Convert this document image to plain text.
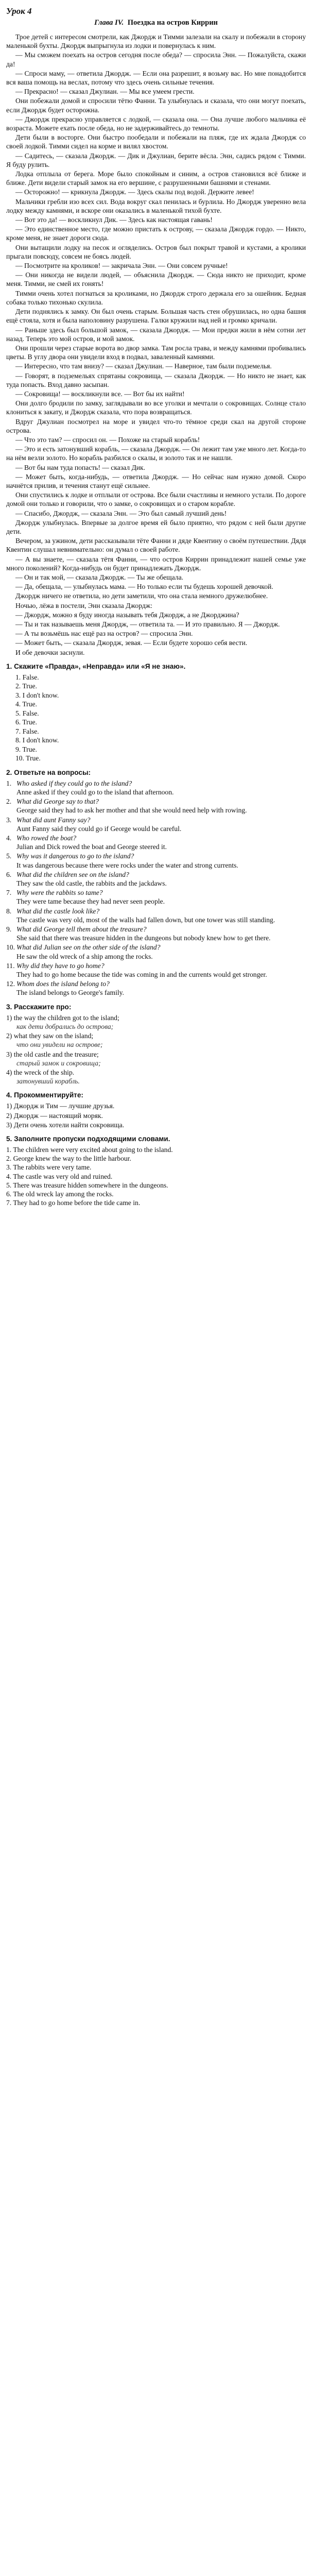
Урок 4
Глава IV. Поездка на остров Киррин

Трое детей с интересом смотрели, как Джордж и Тимми залезали на скалу и побежали в сторону маленькой бухты. Джордж выпрыгнула из лодки и повернулась к ним.

— Мы сможем поехать на остров сегодня после обеда? — спросила Энн. — Пожалуйста, скажи да!

— Спроси маму, — ответила Джордж. — Если она разрешит, я возьму вас. Но мне понадобится вся ваша помощь на веслах, потому что здесь очень сильные течения.

— Прекрасно! — сказал Джулиан. — Мы все умеем грести.

Они побежали домой и спросили тётю Фанни. Та улыбнулась и сказала, что они могут поехать, если Джордж будет осторожна.

— Джордж прекрасно управляется с лодкой, — сказала она. — Она лучше любого мальчика её возраста. Можете ехать после обеда, но не задерживайтесь до темноты.

Дети были в восторге. Они быстро пообедали и побежали на пляж, где их ждала Джордж со своей лодкой. Тимми сидел на корме и вилял хвостом.

— Садитесь, — сказала Джордж. — Дик и Джулиан, берите вёсла. Энн, садись рядом с Тимми. Я буду рулить.

Лодка отплыла от берега. Море было спокойным и синим, а остров становился всё ближе и ближе. Дети видели старый замок на его вершине, с разрушенными башнями и стенами.

— Осторожно! — крикнула Джордж. — Здесь скалы под водой. Держите левее!

Мальчики гребли изо всех сил. Вода вокруг скал пенилась и бурлила. Но Джордж уверенно вела лодку между камнями, и вскоре они оказались в маленькой тихой бухте.

— Вот это да! — воскликнул Дик. — Здесь как настоящая гавань!

— Это единственное место, где можно пристать к острову, — сказала Джордж гордо. — Никто, кроме меня, не знает дороги сюда.

Они вытащили лодку на песок и огляделись. Остров был покрыт травой и кустами, а кролики прыгали повсюду, совсем не боясь людей.

— Посмотрите на кроликов! — закричала Энн. — Они совсем ручные!

— Они никогда не видели людей, — объяснила Джордж. — Сюда никто не приходит, кроме меня. Тимми, не смей их гонять!

Тимми очень хотел погнаться за кроликами, но Джордж строго держала его за ошейник. Бедная собака только тихонько скулила.

Дети поднялись к замку. Он был очень старым. Большая часть стен обрушилась, но одна башня ещё стояла, хотя и была наполовину разрушена. Галки кружили над ней и громко кричали.

— Раньше здесь был большой замок, — сказала Джордж. — Мои предки жили в нём сотни лет назад. Теперь это мой остров, и мой замок.

Они прошли через старые ворота во двор замка. Там росла трава, и между камнями пробивались цветы. В углу двора они увидели вход в подвал, заваленный камнями.

— Интересно, что там внизу? — сказал Джулиан. — Наверное, там были подземелья.

— Говорят, в подземельях спрятаны сокровища, — сказала Джордж. — Но никто не знает, как туда попасть. Вход давно засыпан.

— Сокровища! — воскликнули все. — Вот бы их найти!

Они долго бродили по замку, заглядывали во все уголки и мечтали о сокровищах. Солнце стало клониться к закату, и Джордж сказала, что пора возвращаться.

Вдруг Джулиан посмотрел на море и увидел что-то тёмное среди скал на другой стороне острова.

— Что это там? — спросил он. — Похоже на старый корабль!

— Это и есть затонувший корабль, — сказала Джордж. — Он лежит там уже много лет. Когда-то на нём везли золото. Но корабль разбился о скалы, и золото так и не нашли.

— Вот бы нам туда попасть! — сказал Дик.

— Может быть, когда-нибудь, — ответила Джордж. — Но сейчас нам нужно домой. Скоро начнётся прилив, и течения станут ещё сильнее.

Они спустились к лодке и отплыли от острова. Все были счастливы и немного устали. По дороге домой они только и говорили, что о замке, о сокровищах и о старом корабле.

— Спасибо, Джордж, — сказала Энн. — Это был самый лучший день!

Джордж улыбнулась. Впервые за долгое время ей было приятно, что рядом с ней были другие дети.

Вечером, за ужином, дети рассказывали тёте Фанни и дяде Квентину о своём путешествии. Дядя Квентин слушал невнимательно: он думал о своей работе.

— А вы знаете, — сказала тётя Фанни, — что остров Киррин принадлежит нашей семье уже много поколений? Когда-нибудь он будет принадлежать Джордж.

— Он и так мой, — сказала Джордж. — Ты же обещала.

— Да, обещала, — улыбнулась мама. — Но только если ты будешь хорошей девочкой.

Джордж ничего не ответила, но дети заметили, что она стала немного дружелюбнее.

Ночью, лёжа в постели, Энн сказала Джордж:

— Джордж, можно я буду иногда называть тебя Джордж, а не Джорджина?

— Ты и так называешь меня Джордж, — ответила та. — И это правильно. Я — Джордж.

— А ты возьмёшь нас ещё раз на остров? — спросила Энн.

— Может быть, — сказала Джордж, зевая. — Если будете хорошо себя вести.

И обе девочки заснули.

1. Скажите «Правда», «Неправда» или «Я не знаю».
1. False.
2. True.
3. I don't know.
4. True.
5. False.
6. True.
7. False.
8. I don't know.
9. True.
10. True.
2. Ответьте на вопросы:
1. Who asked if they could go to the island?
Anne asked if they could go to the island that afternoon.
2. What did George say to that?
George said they had to ask her mother and that she would need help with rowing.
3. What did aunt Fanny say?
Aunt Fanny said they could go if George would be careful.
4. Who rowed the boat?
Julian and Dick rowed the boat and George steered it.
5. Why was it dangerous to go to the island?
It was dangerous because there were rocks under the water and strong currents.
6. What did the children see on the island?
They saw the old castle, the rabbits and the jackdaws.
7. Why were the rabbits so tame?
They were tame because they had never seen people.
8. What did the castle look like?
The castle was very old, most of the walls had fallen down, but one tower was still standing.
9. What did George tell them about the treasure?
She said that there was treasure hidden in the dungeons but nobody knew how to get there.
10. What did Julian see on the other side of the island?
He saw the old wreck of a ship among the rocks.
11. Why did they have to go home?
They had to go home because the tide was coming in and the currents would get stronger.
12. Whom does the island belong to?
The island belongs to George's family.
3. Расскажите про:
1) the way the children got to the island;
как дети добрались до острова;
2) what they saw on the island;
что они увидели на острове;
3) the old castle and the treasure;
старый замок и сокровища;
4) the wreck of the ship.
затонувший корабль.
4. Прокомментируйте:
1) Джордж и Тим — лучшие друзья.
2) Джордж — настоящий моряк.
3) Дети очень хотели найти сокровища.
5. Заполните пропуски подходящими словами.
1. The children were very excited about going to the island.
2. George knew the way to the little harbour.
3. The rabbits were very tame.
4. The castle was very old and ruined.
5. There was treasure hidden somewhere in the dungeons.
6. The old wreck lay among the rocks.
7. They had to go home before the tide came in.
